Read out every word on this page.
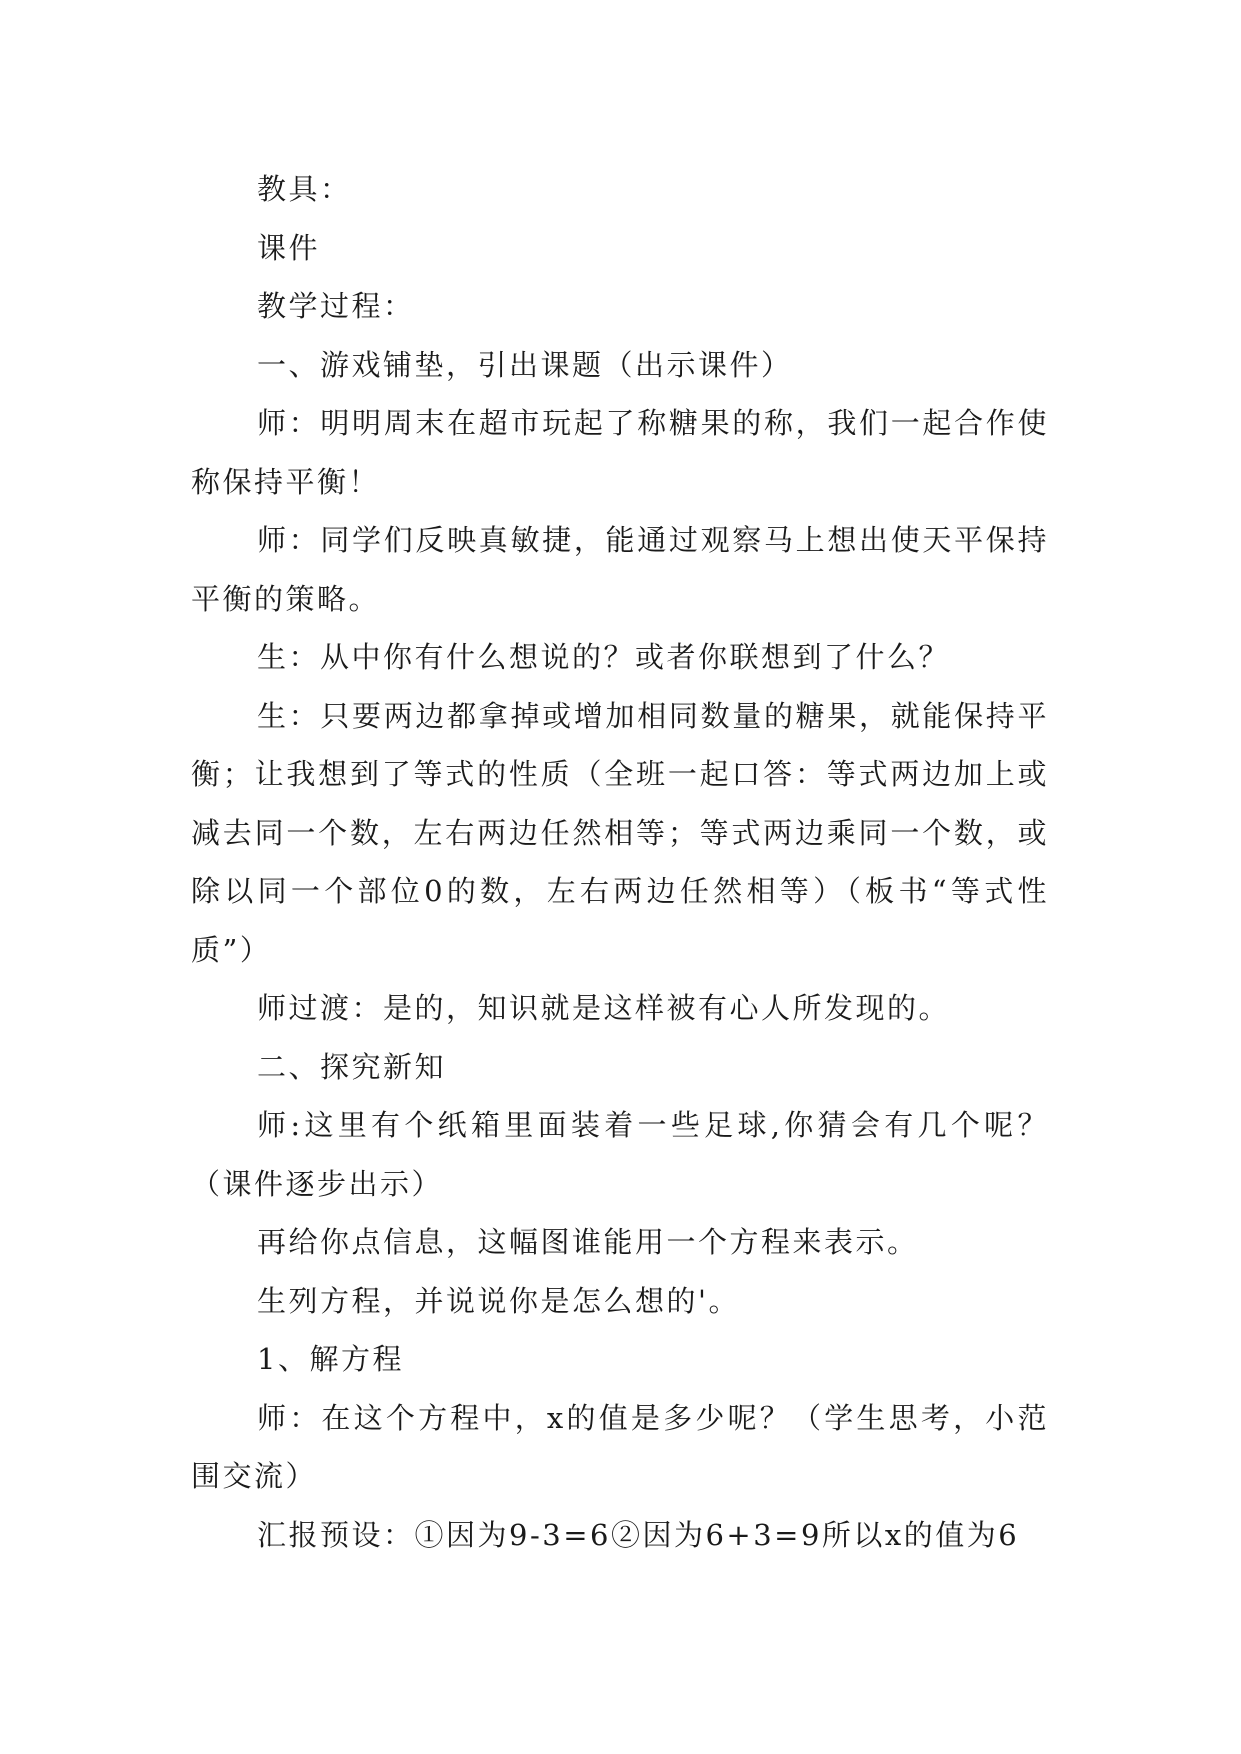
教具：

课件

教学过程：

一、游戏铺垫，引出课题（出示课件）

师：明明周末在超市玩起了称糖果的称，我们一起合作使称保持平衡！

师：同学们反映真敏捷，能通过观察马上想出使天平保持平衡的策略。

生：从中你有什么想说的？或者你联想到了什么？

生：只要两边都拿掉或增加相同数量的糖果，就能保持平衡；让我想到了等式的性质（全班一起口答：等式两边加上或减去同一个数，左右两边任然相等；等式两边乘同一个数，或除以同一个部位0的数，左右两边任然相等）（板书“等式性质”）

师过渡：是的，知识就是这样被有心人所发现的。

二、探究新知

师:这里有个纸箱里面装着一些足球,你猜会有几个呢？（课件逐步出示）

再给你点信息，这幅图谁能用一个方程来表示。

生列方程，并说说你是怎么想的'。

1、解方程

师：在这个方程中，x的值是多少呢？（学生思考，小范围交流）

汇报预设：①因为9-3=6②因为6+3=9所以x的值为6
